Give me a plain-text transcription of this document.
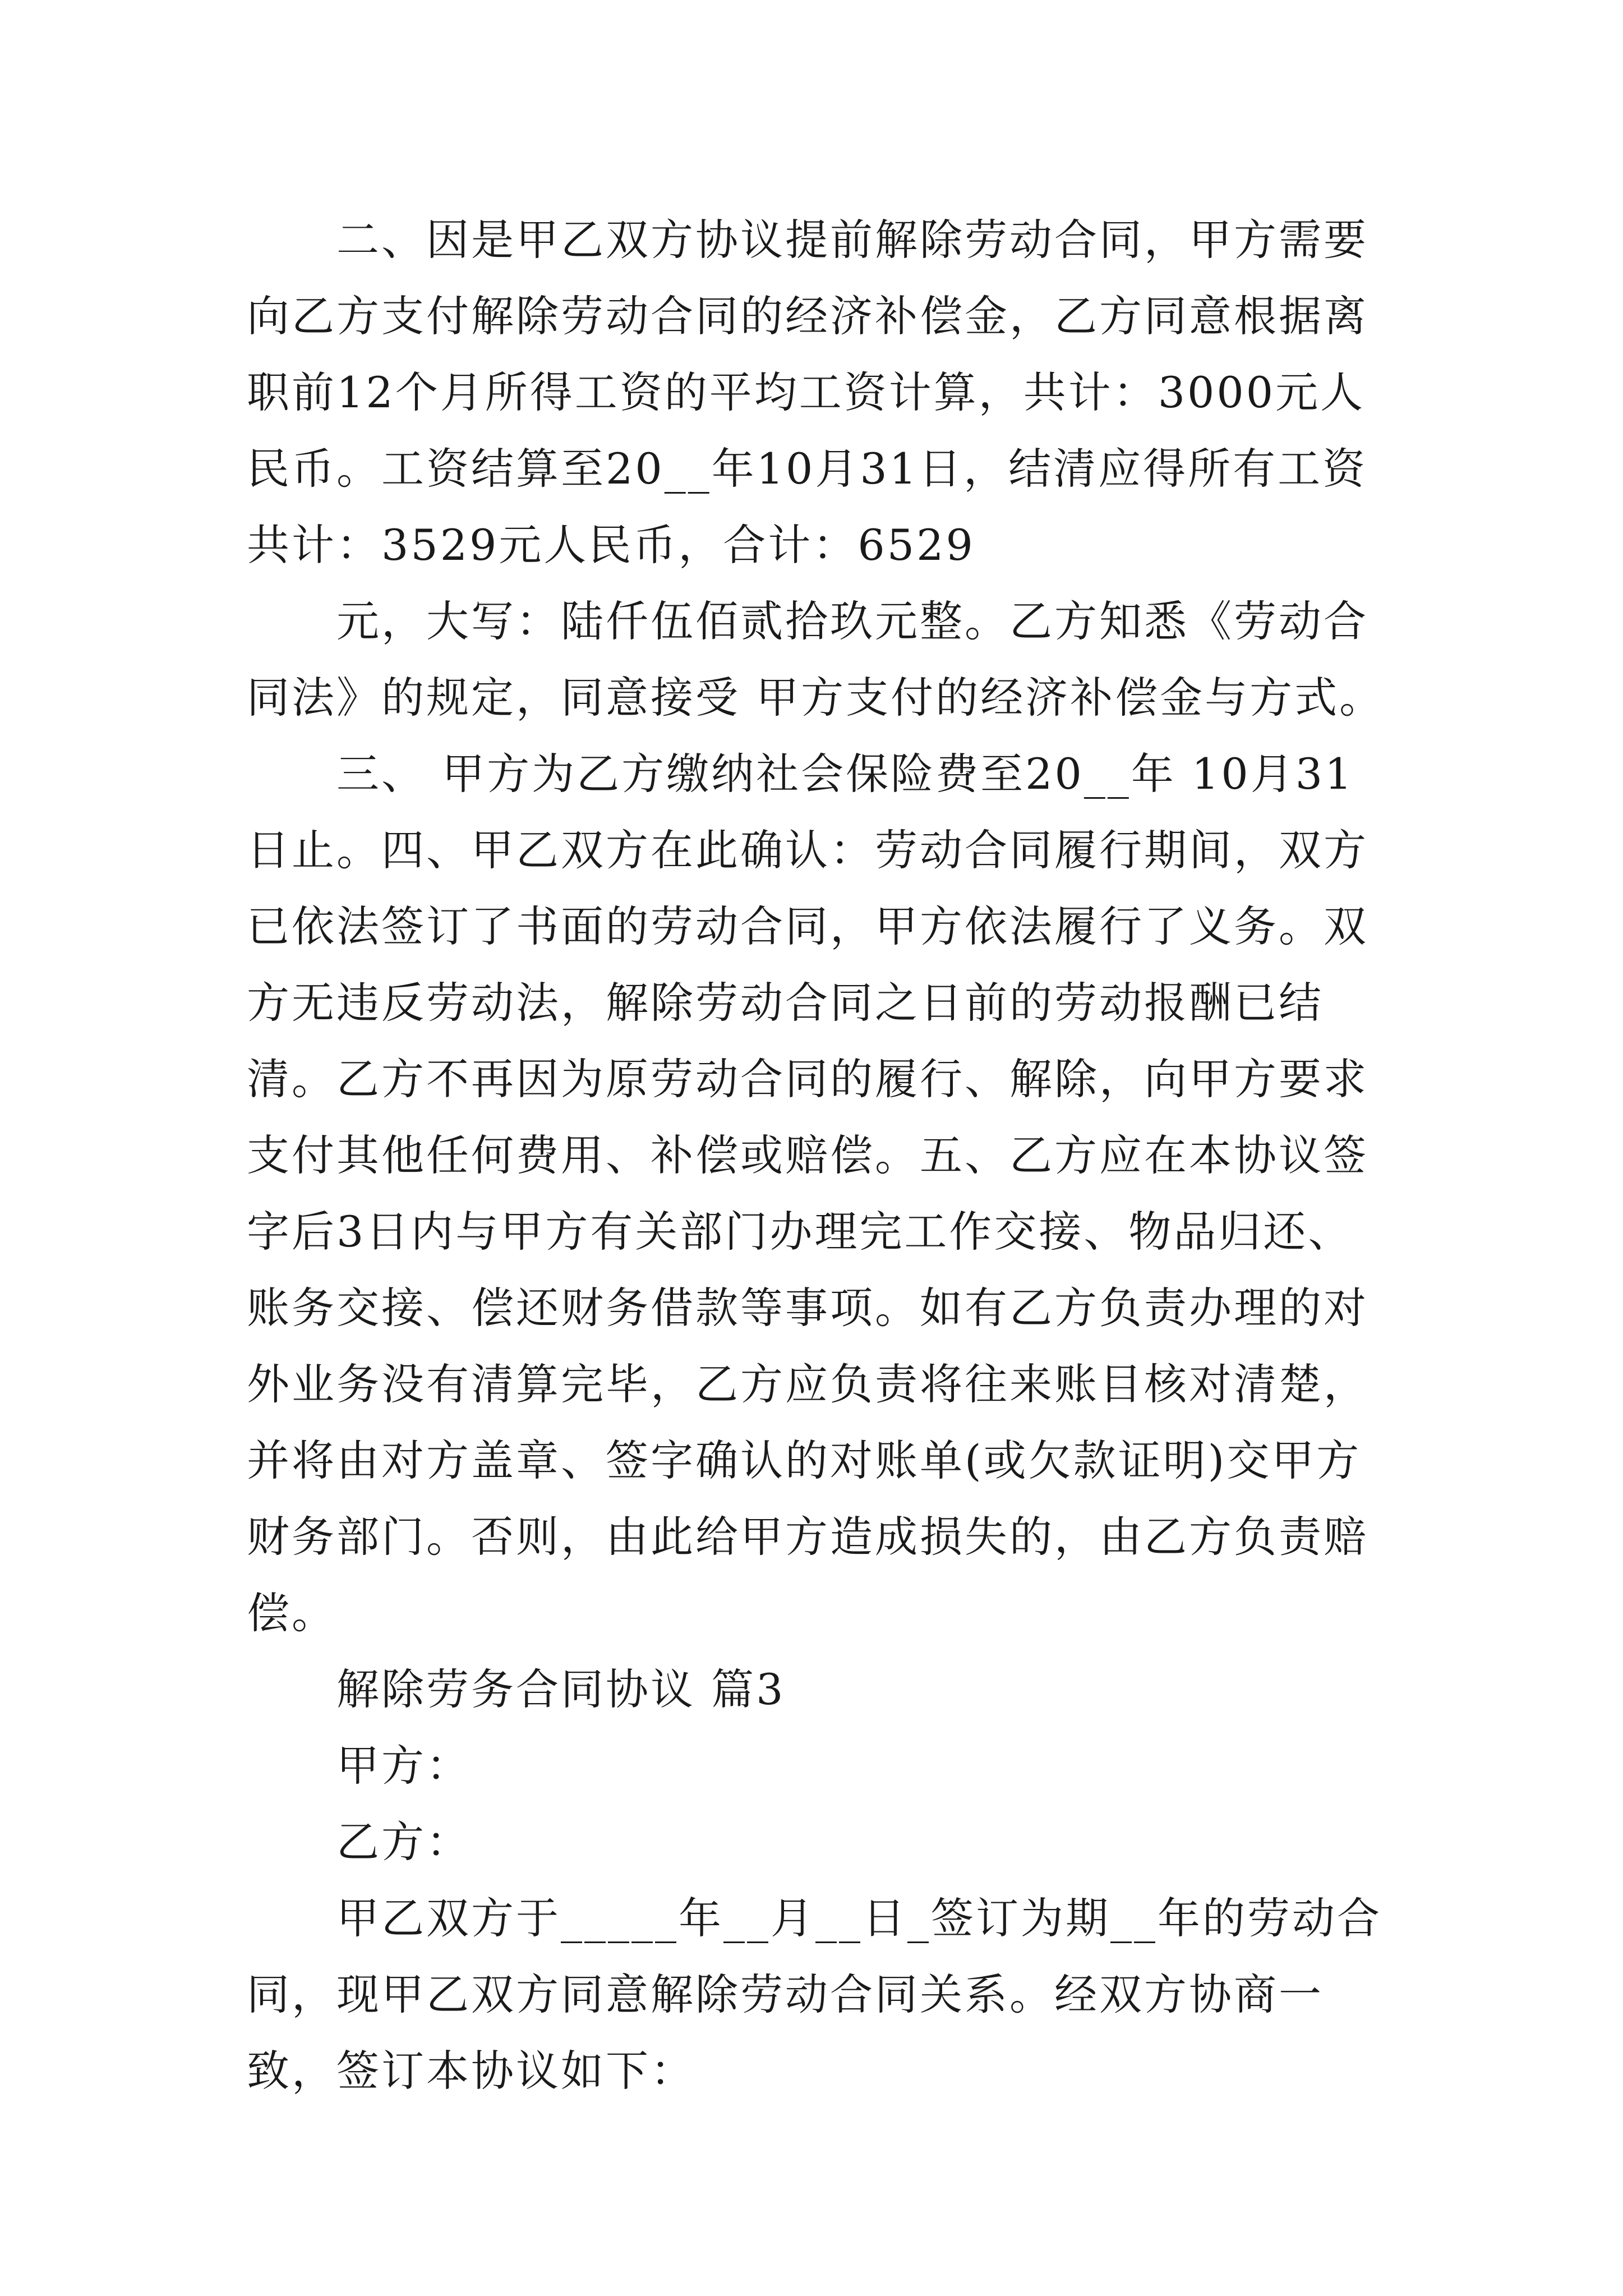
二、因是甲乙双方协议提前解除劳动合同，甲方需要向乙方支付解除劳动合同的经济补偿金，乙方同意根据离职前12个月所得工资的平均工资计算，共计：3000元人民币。工资结算至20__年10月31日，结清应得所有工资共计：3529元人民币，合计：6529

元，大写：陆仟伍佰贰拾玖元整。乙方知悉《劳动合同法》的规定，同意接受 甲方支付的经济补偿金与方式。

三、 甲方为乙方缴纳社会保险费至20__年 10月31日止。四、甲乙双方在此确认：劳动合同履行期间，双方已依法签订了书面的劳动合同，甲方依法履行了义务。双方无违反劳动法，解除劳动合同之日前的劳动报酬已结清。乙方不再因为原劳动合同的履行、解除，向甲方要求支付其他任何费用、补偿或赔偿。五、乙方应在本协议签字后3日内与甲方有关部门办理完工作交接、物品归还、账务交接、偿还财务借款等事项。如有乙方负责办理的对外业务没有清算完毕，乙方应负责将往来账目核对清楚，并将由对方盖章、签字确认的对账单(或欠款证明)交甲方财务部门。否则，由此给甲方造成损失的，由乙方负责赔偿。

解除劳务合同协议 篇3

甲方：

乙方：

甲乙双方于_____年__月__日_签订为期__年的劳动合同，现甲乙双方同意解除劳动合同关系。经双方协商一致，签订本协议如下：
